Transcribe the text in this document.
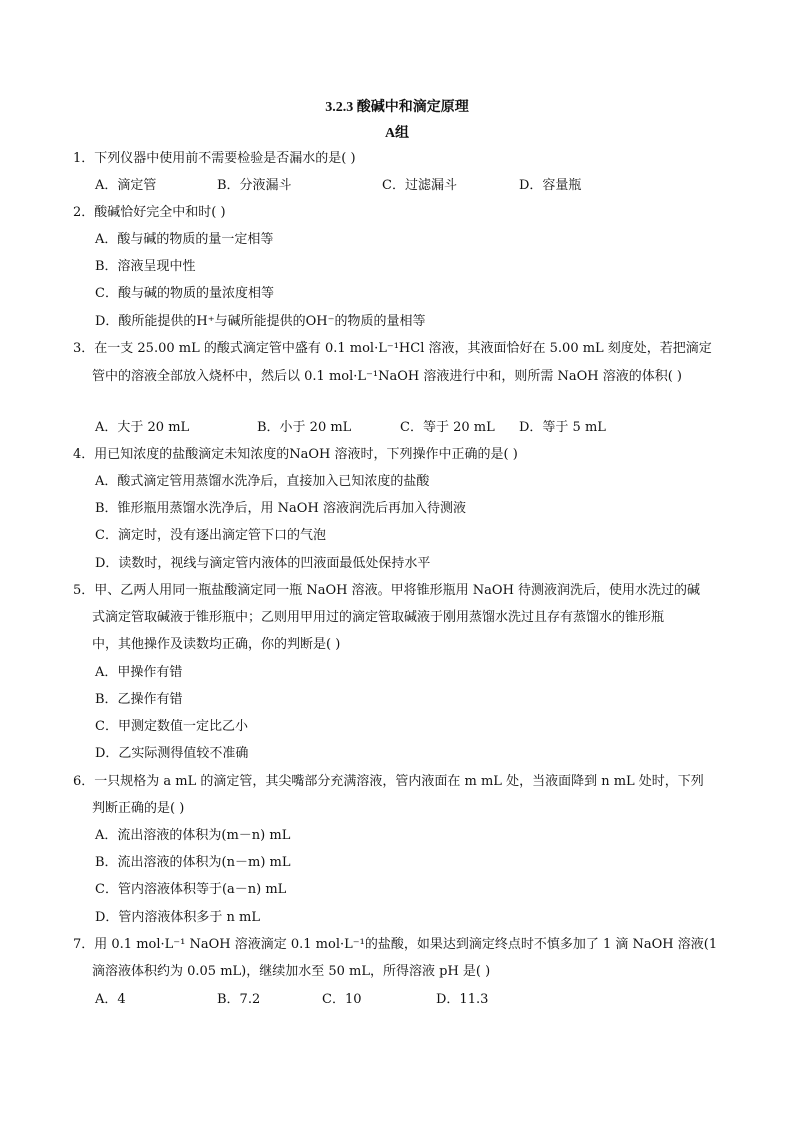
3.2.3 酸碱中和滴定原理
A组
1．下列仪器中使用前不需要检验是否漏水的是( )
A．滴定管	B．分液漏斗	C．过滤漏斗	D．容量瓶
2．酸碱恰好完全中和时( )
A．酸与碱的物质的量一定相等
B．溶液呈现中性
C．酸与碱的物质的量浓度相等
D．酸所能提供的H⁺与碱所能提供的OH⁻的物质的量相等
3．在一支 25.00 mL 的酸式滴定管中盛有 0.1 mol·L⁻¹HCl 溶液，其液面恰好在 5.00 mL 刻度处，若把滴定
管中的溶液全部放入烧杯中，然后以 0.1 mol·L⁻¹NaOH 溶液进行中和，则所需 NaOH 溶液的体积( )
A．大于 20 mL	B．小于 20 mL	C．等于 20 mL D．等于 5 mL
4．用已知浓度的盐酸滴定未知浓度的NaOH 溶液时，下列操作中正确的是( )
A．酸式滴定管用蒸馏水洗净后，直接加入已知浓度的盐酸
B．锥形瓶用蒸馏水洗净后，用 NaOH 溶液润洗后再加入待测液
C．滴定时，没有逐出滴定管下口的气泡
D．读数时，视线与滴定管内液体的凹液面最低处保持水平
5．甲、乙两人用同一瓶盐酸滴定同一瓶 NaOH 溶液。甲将锥形瓶用 NaOH 待测液润洗后，使用水洗过的碱
式滴定管取碱液于锥形瓶中；乙则用甲用过的滴定管取碱液于刚用蒸馏水洗过且存有蒸馏水的锥形瓶
中，其他操作及读数均正确，你的判断是( )
A．甲操作有错
B．乙操作有错
C．甲测定数值一定比乙小
D．乙实际测得值较不准确
6．一只规格为 a mL 的滴定管，其尖嘴部分充满溶液，管内液面在 m mL 处，当液面降到 n mL 处时，下列
判断正确的是( )
A．流出溶液的体积为(m－n) mL
B．流出溶液的体积为(n－m) mL
C．管内溶液体积等于(a－n) mL
D．管内溶液体积多于 n mL
7．用 0.1 mol·L⁻¹ NaOH 溶液滴定 0.1 mol·L⁻¹的盐酸，如果达到滴定终点时不慎多加了 1 滴 NaOH 溶液(1
滴溶液体积约为 0.05 mL)，继续加水至 50 mL，所得溶液 pH 是( )
A．4	B．7.2	C．10	D．11.3
